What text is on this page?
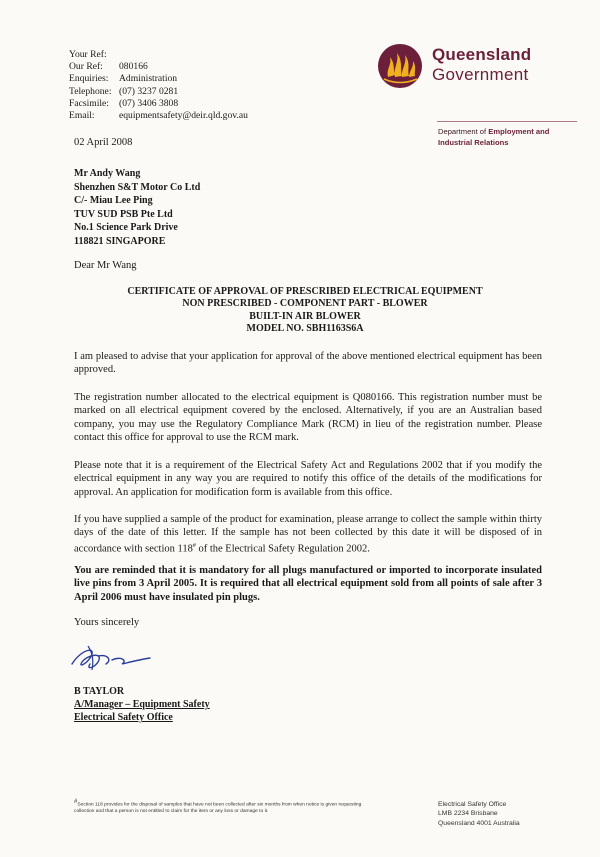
Your Ref:
Our Ref:	080166
Enquiries:	Administration
Telephone: (07) 3237 0281
Facsimile:	(07) 3406 3808
Email:	equipmentsafety@deir.qld.gov.au
Queensland
Government
Department of Employment and
Industrial Relations
02 April 2008
Mr Andy Wang
Shenzhen S&T Motor Co Ltd
C/- Miau Lee Ping
TUV SUD PSB Pte Ltd
No.1 Science Park Drive
118821 SINGAPORE
Dear Mr Wang
CERTIFICATE OF APPROVAL OF PRESCRIBED ELECTRICAL EQUIPMENT
NON PRESCRIBED - COMPONENT PART - BLOWER
BUILT-IN AIR BLOWER
MODEL NO. SBH1163S6A
I am pleased to advise that your application for approval of the above mentioned electrical equipment has been approved.
The registration number allocated to the electrical equipment is Q080166. This registration number must be marked on all electrical equipment covered by the enclosed. Alternatively, if you are an Australian based company, you may use the Regulatory Compliance Mark (RCM) in lieu of the registration number. Please contact this office for approval to use the RCM mark.
Please note that it is a requirement of the Electrical Safety Act and Regulations 2002 that if you modify the electrical equipment in any way you are required to notify this office of the details of the modifications for approval. An application for modification form is available from this office.
If you have supplied a sample of the product for examination, please arrange to collect the sample within thirty days of the date of this letter. If the sample has not been collected by this date it will be disposed of in accordance with section 118# of the Electrical Safety Regulation 2002.
You are reminded that it is mandatory for all plugs manufactured or imported to incorporate insulated live pins from 3 April 2005. It is required that all electrical equipment sold from all points of sale after 3 April 2006 must have insulated pin plugs.
Yours sincerely
B TAYLOR
A/Manager – Equipment Safety
Electrical Safety Office
#Section 118 provides for the disposal of samples that have not been collected after six months from when notice is given requesting collection and that a person is not entitled to claim for the item or any loss or damage to it.
Electrical Safety Office
LMB 2234 Brisbane
Queensland 4001 Australia
